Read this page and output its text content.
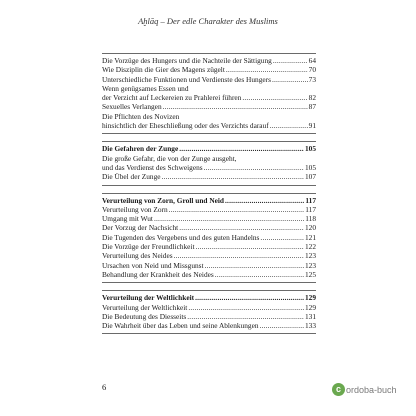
Aḫlāq – Der edle Charakter des Muslims
Die Vorzüge des Hungers und die Nachteile der Sättigung .....	64
Wie Disziplin die Gier des Magens zügelt .....	70
Unterschiedliche Funktionen und Verdienste des Hungers .....	73
Wenn genügsames Essen und
der Verzicht auf Leckereien zu Prahlerei führen .....	82
Sexuelles Verlangen .....	87
Die Pflichten des Novizen
hinsichtlich der Eheschließung oder des Verzichts darauf .....	91
Die Gefahren der Zunge .....	105
Die große Gefahr, die von der Zunge ausgeht,
und das Verdienst des Schweigens .....	105
Die Übel der Zunge .....	107
Verurteilung von Zorn, Groll und Neid .....	117
Verurteilung von Zorn .....	117
Umgang mit Wut .....	118
Der Vorzug der Nachsicht .....	120
Die Tugenden des Vergebens und des guten Handelns .....	121
Die Vorzüge der Freundlichkeit .....	122
Verurteilung des Neides .....	123
Ursachen von Neid und Missgunst .....	123
Behandlung der Krankheit des Neides .....	125
Verurteilung der Weltlichkeit .....	129
Verurteilung der Weltlichkeit .....	129
Die Bedeutung des Diesseits .....	131
Die Wahrheit über das Leben und seine Ablenkungen .....	133
6	c ordoba-buch
